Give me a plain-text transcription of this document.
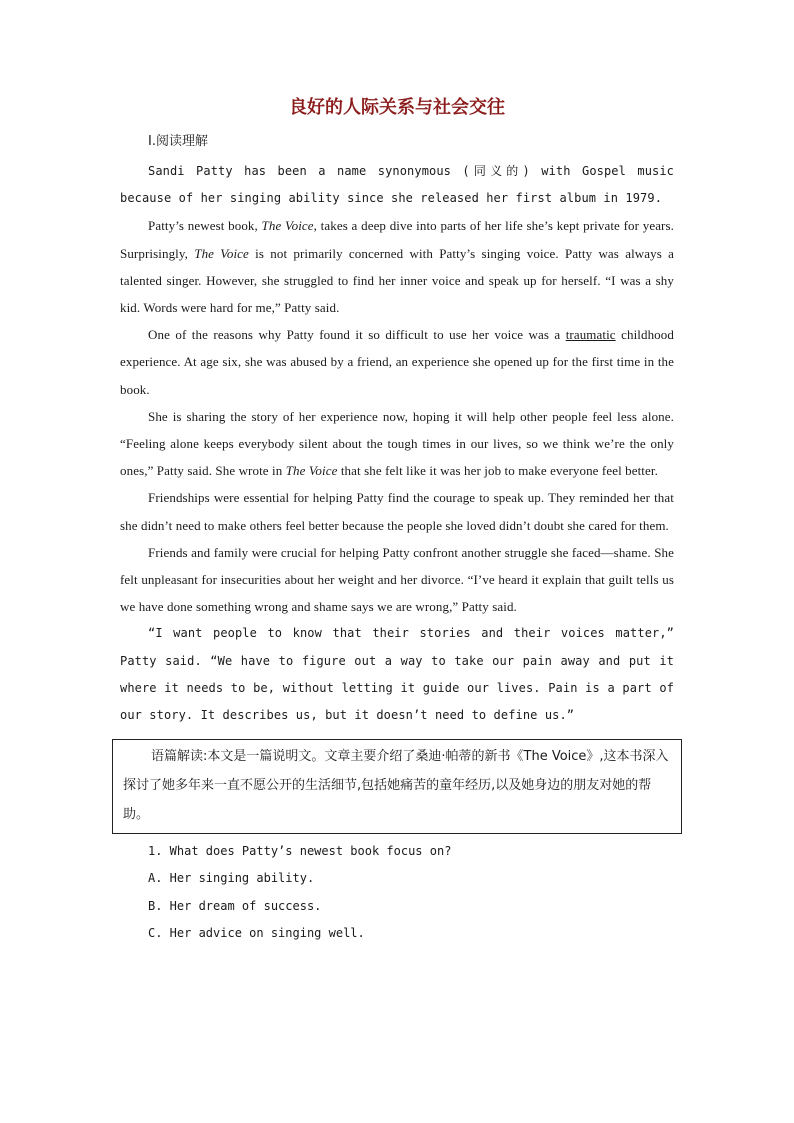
良好的人际关系与社会交往
Ⅰ.阅读理解

Sandi Patty has been a name synonymous (同义的) with Gospel music because of her singing ability since she released her first album in 1979.

Patty’s newest book, The Voice, takes a deep dive into parts of her life she’s kept private for years. Surprisingly, The Voice is not primarily concerned with Patty’s singing voice. Patty was always a talented singer. However, she struggled to find her inner voice and speak up for herself. “I was a shy kid. Words were hard for me,” Patty said.

One of the reasons why Patty found it so difficult to use her voice was a traumatic childhood experience. At age six, she was abused by a friend, an experience she opened up for the first time in the book.

She is sharing the story of her experience now, hoping it will help other people feel less alone. “Feeling alone keeps everybody silent about the tough times in our lives, so we think we’re the only ones,” Patty said. She wrote in The Voice that she felt like it was her job to make everyone feel better.

Friendships were essential for helping Patty find the courage to speak up. They reminded her that she didn’t need to make others feel better because the people she loved didn’t doubt she cared for them.

Friends and family were crucial for helping Patty confront another struggle she faced—shame. She felt unpleasant for insecurities about her weight and her divorce. “I’ve heard it explain that guilt tells us we have done something wrong and shame says we are wrong,” Patty said.

“I want people to know that their stories and their voices matter,” Patty said. “We have to figure out a way to take our pain away and put it where it needs to be, without letting it guide our lives. Pain is a part of our story. It describes us, but it doesn’t need to define us.”

语篇解读:本文是一篇说明文。文章主要介绍了桑迪·帕蒂的新书《The Voice》,这本书深入探讨了她多年来一直不愿公开的生活细节,包括她痛苦的童年经历,以及她身边的朋友对她的帮助。
1. What does Patty’s newest book focus on?
A. Her singing ability.
B. Her dream of success.
C. Her advice on singing well.
